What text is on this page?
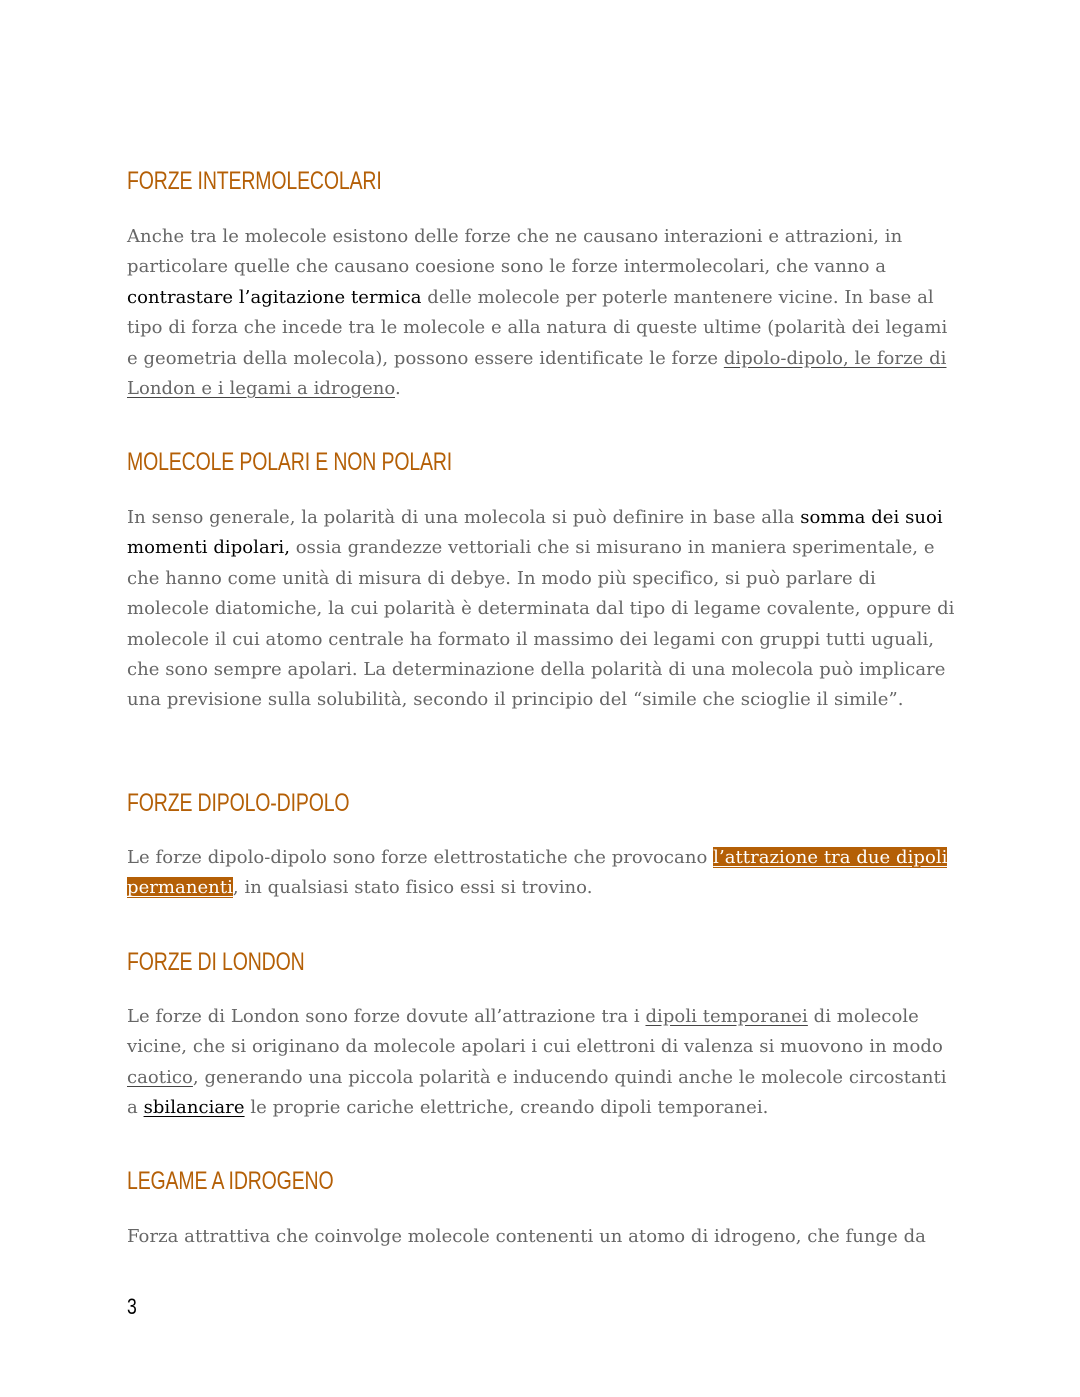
FORZE INTERMOLECOLARI

Anche tra le molecole esistono delle forze che ne causano interazioni e attrazioni, in particolare quelle che causano coesione sono le forze intermolecolari, che vanno a contrastare l’agitazione termica delle molecole per poterle mantenere vicine. In base al tipo di forza che incede tra le molecole e alla natura di queste ultime (polarità dei legami e geometria della molecola), possono essere identificate le forze dipolo-dipolo, le forze di London e i legami a idrogeno.

MOLECOLE POLARI E NON POLARI

In senso generale, la polarità di una molecola si può definire in base alla somma dei suoi momenti dipolari, ossia grandezze vettoriali che si misurano in maniera sperimentale, e che hanno come unità di misura di debye. In modo più specifico, si può parlare di molecole diatomiche, la cui polarità è determinata dal tipo di legame covalente, oppure di molecole il cui atomo centrale ha formato il massimo dei legami con gruppi tutti uguali, che sono sempre apolari. La determinazione della polarità di una molecola può implicare una previsione sulla solubilità, secondo il principio del “simile che scioglie il simile”.

FORZE DIPOLO-DIPOLO

Le forze dipolo-dipolo sono forze elettrostatiche che provocano l’attrazione tra due dipoli permanenti, in qualsiasi stato fisico essi si trovino.

FORZE DI LONDON

Le forze di London sono forze dovute all’attrazione tra i dipoli temporanei di molecole vicine, che si originano da molecole apolari i cui elettroni di valenza si muovono in modo caotico, generando una piccola polarità e inducendo quindi anche le molecole circostanti a sbilanciare le proprie cariche elettriche, creando dipoli temporanei.

LEGAME A IDROGENO

Forza attrattiva che coinvolge molecole contenenti un atomo di idrogeno, che funge da

3
